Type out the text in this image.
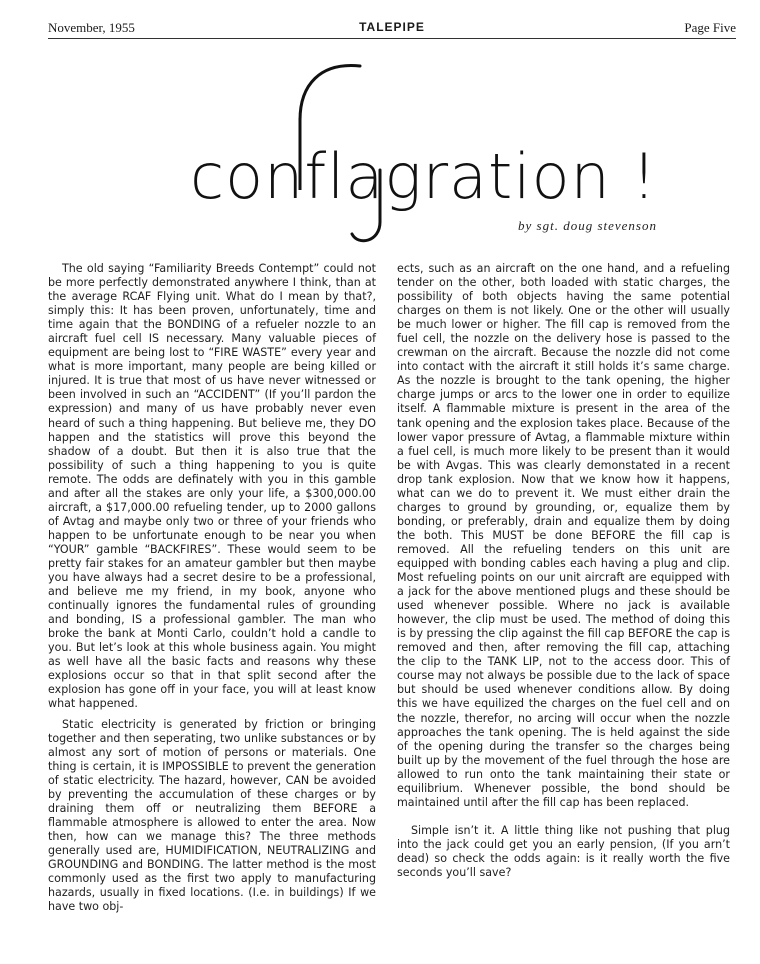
November, 1955	TALEPIPE	Page Five
conflagration !
by sgt. doug stevenson

The old saying “Familiarity Breeds Contempt” could not be more perfectly demonstrated anywhere I think, than at the average RCAF Flying unit. What do I mean by that?, simply this: It has been proven, unfortunately, time and time again that the BONDING of a refueler nozzle to an aircraft fuel cell IS necessary. Many valuable pieces of equipment are being lost to “FIRE WASTE” every year and what is more important, many people are being killed or injured. It is true that most of us have never witnessed or been involved in such an “ACCIDENT” (If you’ll pardon the expression) and many of us have probably never even heard of such a thing happening. But believe me, they DO happen and the statistics will prove this beyond the shadow of a doubt. But then it is also true that the possibility of such a thing happening to you is quite remote. The odds are definately with you in this gamble and after all the stakes are only your life, a $300,000.00 aircraft, a $17,000.00 refueling tender, up to 2000 gallons of Avtag and maybe only two or three of your friends who happen to be unfortunate enough to be near you when “YOUR” gamble “BACKFIRES”. These would seem to be pretty fair stakes for an amateur gambler but then maybe you have always had a secret desire to be a professional, and believe me my friend, in my book, anyone who continually ignores the fundamental rules of grounding and bonding, IS a professional gambler. The man who broke the bank at Monti Carlo, couldn’t hold a candle to you. But let’s look at this whole business again. You might as well have all the basic facts and reasons why these explosions occur so that in that split second after the explosion has gone off in your face, you will at least know what happened.

Static electricity is generated by friction or bringing together and then seperating, two unlike substances or by almost any sort of motion of persons or materials. One thing is certain, it is IMPOSSIBLE to prevent the generation of static electricity. The hazard, however, CAN be avoided by preventing the accumulation of these charges or by draining them off or neutralizing them BEFORE a flammable atmosphere is allowed to enter the area. Now then, how can we manage this? The three methods generally used are, HUMIDIFICATION, NEUTRALIZING and GROUNDING and BONDING. The latter method is the most commonly used as the first two apply to manufacturing hazards, usually in fixed locations. (I.e. in buildings) If we have two obj-

ects, such as an aircraft on the one hand, and a refueling tender on the other, both loaded with static charges, the possibility of both objects having the same potential charges on them is not likely. One or the other will usually be much lower or higher. The fill cap is removed from the fuel cell, the nozzle on the delivery hose is passed to the crewman on the aircraft. Because the nozzle did not come into contact with the aircraft it still holds it’s same charge. As the nozzle is brought to the tank opening, the higher charge jumps or arcs to the lower one in order to equilize itself. A flammable mixture is present in the area of the tank opening and the explosion takes place. Because of the lower vapor pressure of Avtag, a flammable mixture within a fuel cell, is much more likely to be present than it would be with Avgas. This was clearly demonstated in a recent drop tank explosion. Now that we know how it happens, what can we do to prevent it. We must either drain the charges to ground by grounding, or, equalize them by bonding, or preferably, drain and equalize them by doing the both. This MUST be done BEFORE the fill cap is removed. All the refueling tenders on this unit are equipped with bonding cables each having a plug and clip. Most refueling points on our unit aircraft are equipped with a jack for the above mentioned plugs and these should be used whenever possible. Where no jack is available however, the clip must be used. The method of doing this is by pressing the clip against the fill cap BEFORE the cap is removed and then, after removing the fill cap, attaching the clip to the TANK LIP, not to the access door. This of course may not always be possible due to the lack of space but should be used whenever conditions allow. By doing this we have equilized the charges on the fuel cell and on the nozzle, therefor, no arcing will occur when the nozzle approaches the tank opening. The is held against the side of the opening during the transfer so the charges being built up by the movement of the fuel through the hose are allowed to run onto the tank maintaining their state or equilibrium. Whenever possible, the bond should be maintained until after the fill cap has been replaced.

Simple isn’t it. A little thing like not pushing that plug into the jack could get you an early pension, (If you arn’t dead) so check the odds again: is it really worth the five seconds you’ll save?
